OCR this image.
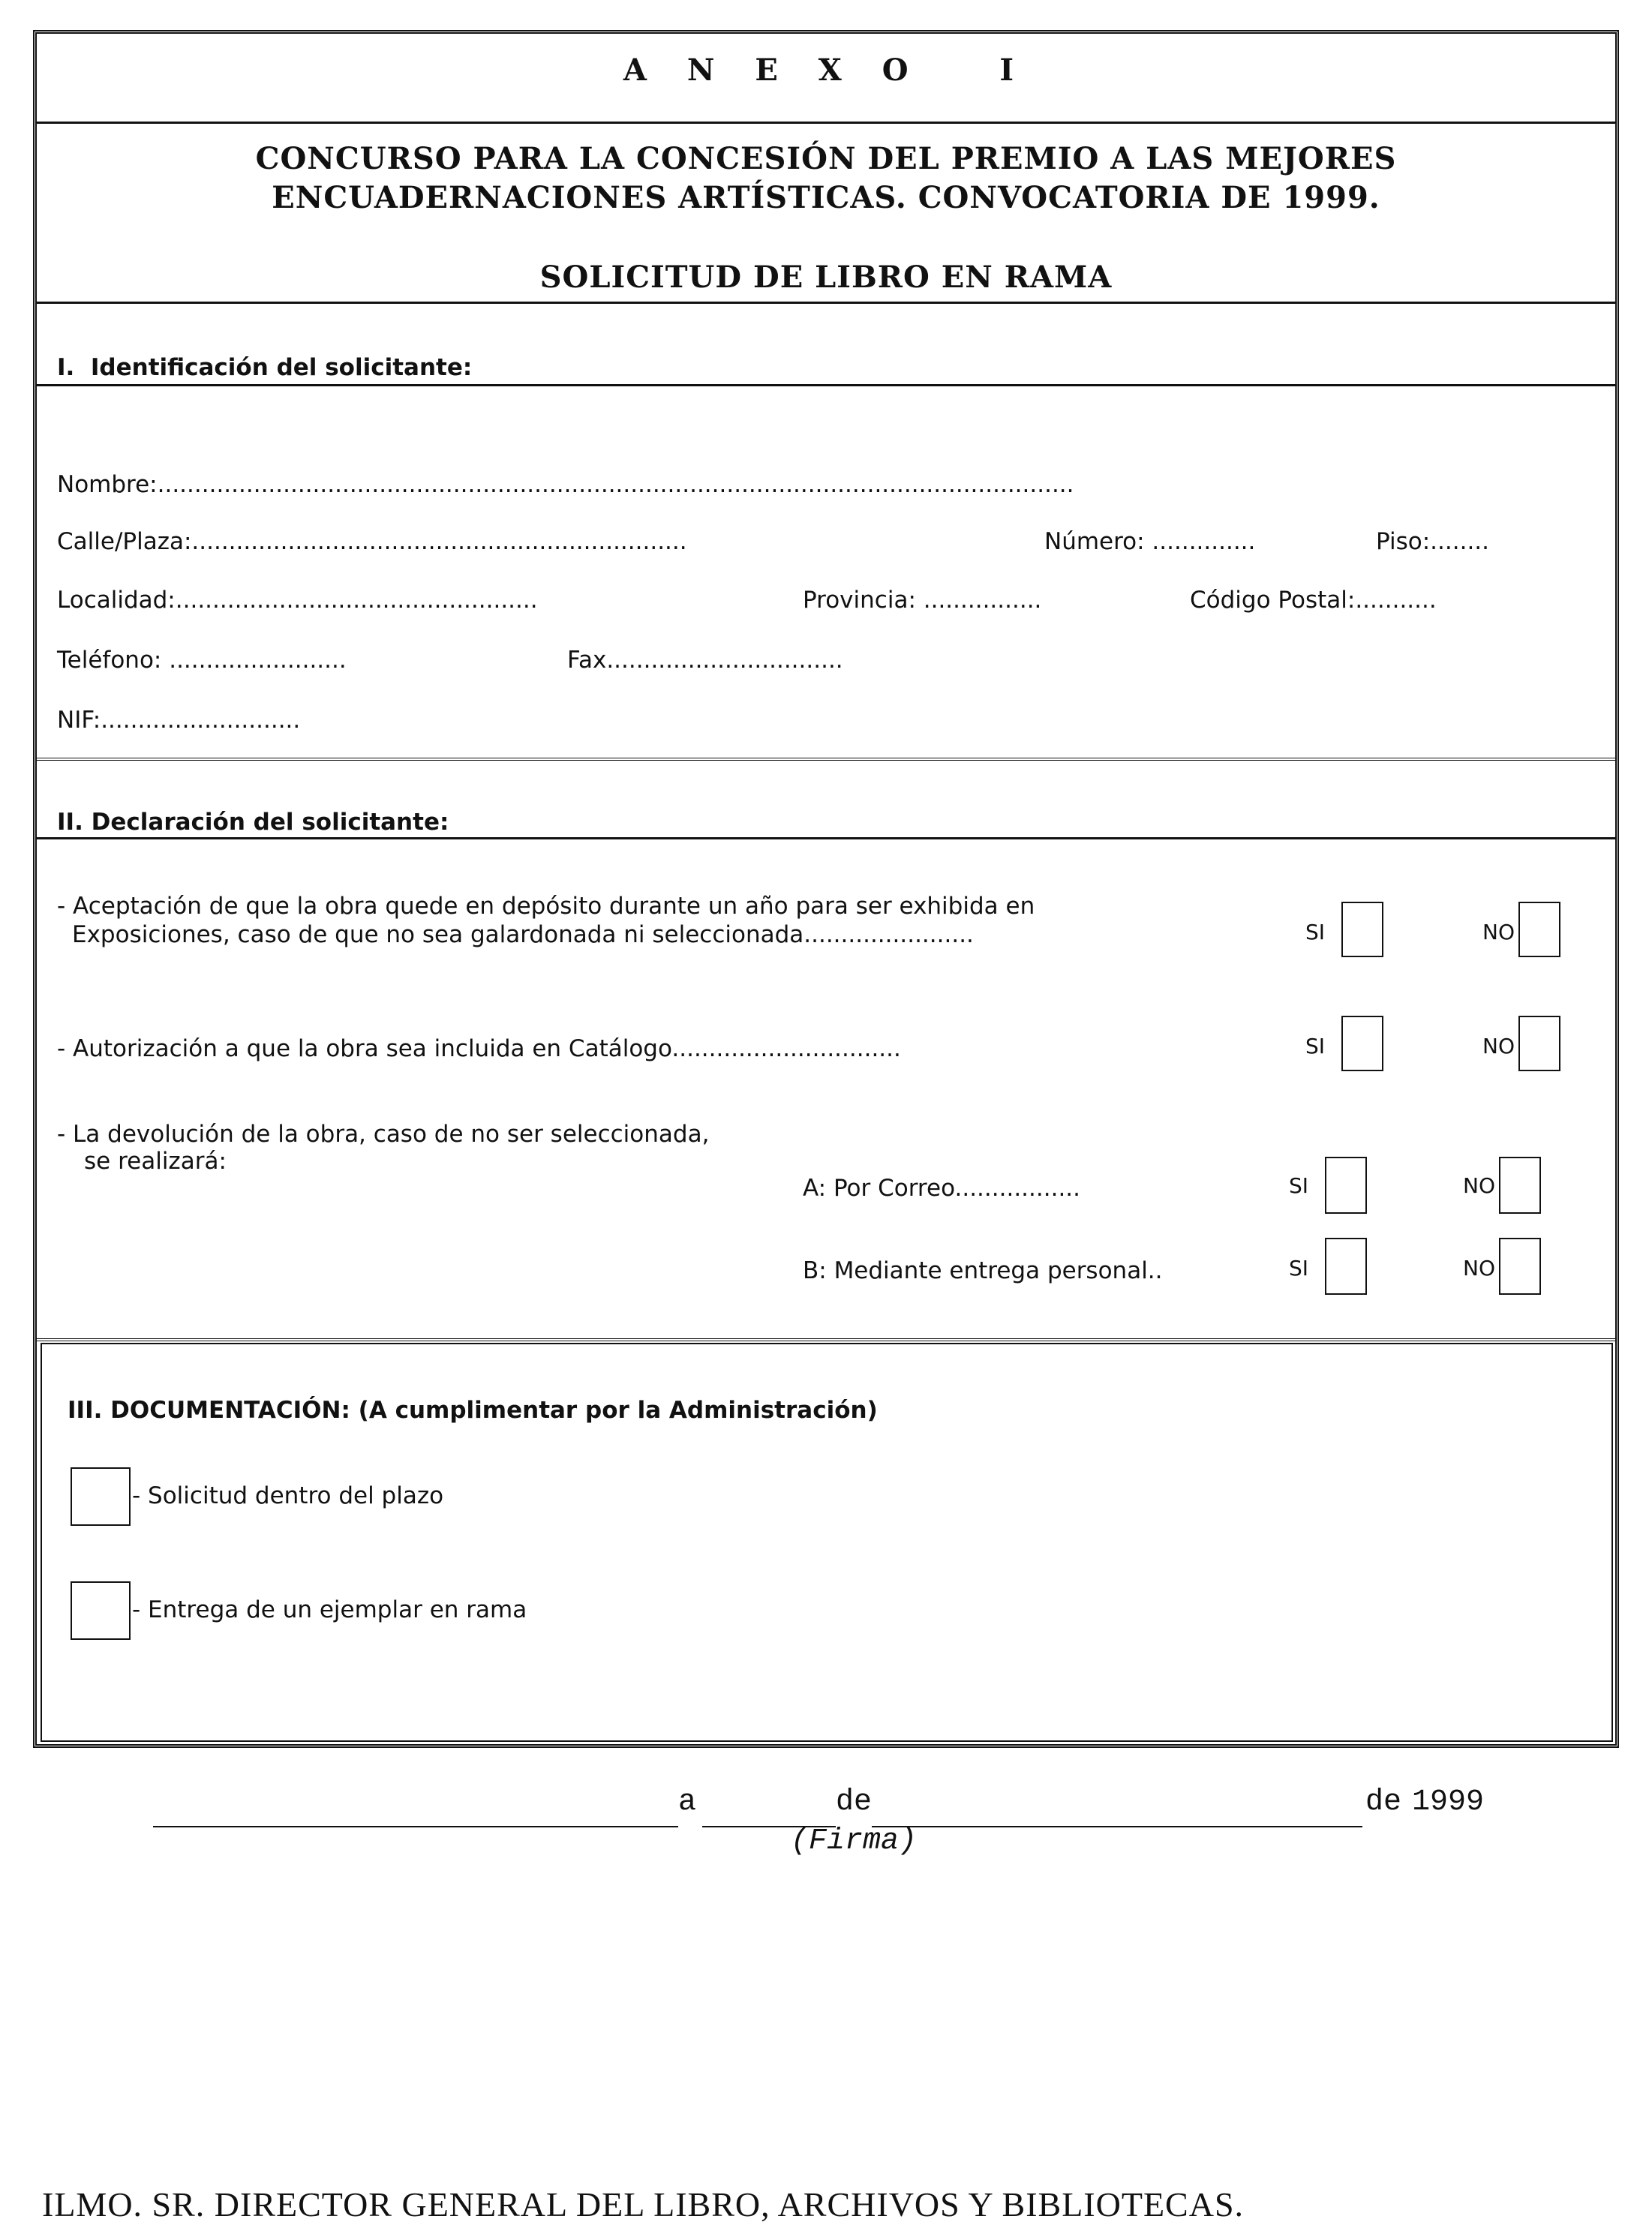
A N E X O   I
CONCURSO PARA LA CONCESIÓN DEL PREMIO A LAS MEJORES
ENCUADERNACIONES ARTÍSTICAS. CONVOCATORIA DE 1999.
SOLICITUD DE LIBRO EN RAMA
I.  Identificación del solicitante:
Nombre:............................................................................................................................
Calle/Plaza:...................................................................	Número: ..............	Piso:........
Localidad:.................................................	Provincia: ................	Código Postal:...........
Teléfono: ........................	Fax................................
NIF:...........................
II. Declaración del solicitante:
- Aceptación de que la obra quede en depósito durante un año para ser exhibida en
Exposiciones, caso de que no sea galardonada ni seleccionada.......................	SI	NO
- Autorización a que la obra sea incluida en Catálogo...............................	SI	NO
- La devolución de la obra, caso de no ser seleccionada,
se realizará:
A: Por Correo.................	SI	NO
B: Mediante entrega personal..	SI	NO
III. DOCUMENTACIÓN: (A cumplimentar por la Administración)
- Solicitud dentro del plazo
- Entrega de un ejemplar en rama
a	de	de 1999
(Firma)
ILMO. SR. DIRECTOR GENERAL DEL LIBRO, ARCHIVOS Y BIBLIOTECAS.
